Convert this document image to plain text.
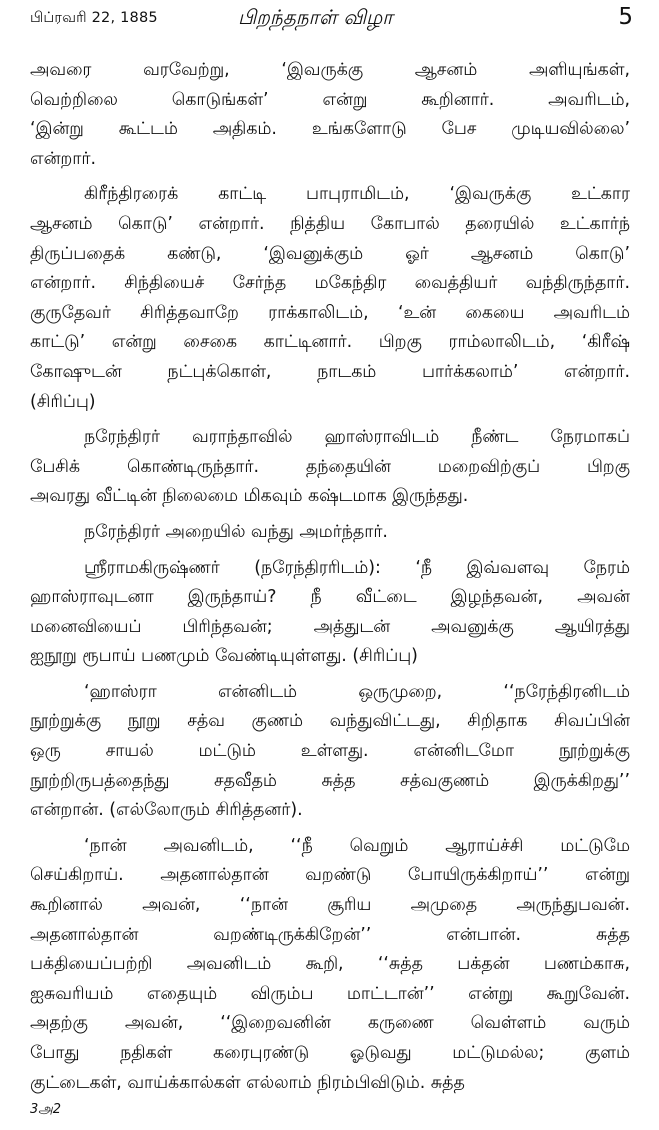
பிப்ரவரி 22, 1885	பிறந்தநாள் விழா	5
அவரை வரவேற்று, ‘இவருக்கு ஆசனம் அளியுங்கள்,
வெற்றிலை கொடுங்கள்’ என்று கூறினார். அவரிடம்,
‘இன்று கூட்டம் அதிகம். உங்களோடு பேச முடியவில்லை’
என்றார்.
கிரீந்திரரைக் காட்டி பாபுராமிடம், ‘இவருக்கு உட்கார
ஆசனம் கொடு’ என்றார். நித்திய கோபால் தரையில் உட்கார்ந்
திருப்பதைக் கண்டு, ‘இவனுக்கும் ஓர் ஆசனம் கொடு’
என்றார். சிந்தியைச் சேர்ந்த மகேந்திர வைத்தியர் வந்திருந்தார்.
குருதேவர் சிரித்தவாறே ராக்காலிடம், ‘உன் கையை அவரிடம்
காட்டு’ என்று சைகை காட்டினார். பிறகு ராம்லாலிடம், ‘கிரீஷ்
கோஷுடன் நட்புக்கொள், நாடகம் பார்க்கலாம்’ என்றார்.
(சிரிப்பு)
நரேந்திரர் வராந்தாவில் ஹாஸ்ராவிடம் நீண்ட நேரமாகப்
பேசிக் கொண்டிருந்தார். தந்தையின் மறைவிற்குப் பிறகு
அவரது வீட்டின் நிலைமை மிகவும் கஷ்டமாக இருந்தது.
நரேந்திரர் அறையில் வந்து அமர்ந்தார்.
ஸ்ரீராமகிருஷ்ணர் (நரேந்திரரிடம்): ‘நீ இவ்வளவு நேரம்
ஹாஸ்ராவுடனா இருந்தாய்? நீ வீட்டை இழந்தவன், அவன்
மனைவியைப் பிரிந்தவன்; அத்துடன் அவனுக்கு ஆயிரத்து
ஐநூறு ரூபாய் பணமும் வேண்டியுள்ளது. (சிரிப்பு)
‘ஹாஸ்ரா என்னிடம் ஒருமுறை, ‘‘நரேந்திரனிடம்
நூற்றுக்கு நூறு சத்வ குணம் வந்துவிட்டது, சிறிதாக சிவப்பின்
ஒரு சாயல் மட்டும் உள்ளது. என்னிடமோ நூற்றுக்கு
நூற்றிருபத்தைந்து சதவீதம் சுத்த சத்வகுணம் இருக்கிறது’’
என்றான். (எல்லோரும் சிரித்தனர்).
‘நான் அவனிடம், ‘‘நீ வெறும் ஆராய்ச்சி மட்டுமே
செய்கிறாய். அதனால்தான் வறண்டு போயிருக்கிறாய்’’ என்று
கூறினால் அவன், ‘‘நான் சூரிய அமுதை அருந்துபவன்.
அதனால்தான் வறண்டிருக்கிறேன்’’ என்பான். சுத்த
பக்தியைப்பற்றி அவனிடம் கூறி, ‘‘சுத்த பக்தன் பணம்காசு,
ஐசுவரியம் எதையும் விரும்ப மாட்டான்’’ என்று கூறுவேன்.
அதற்கு அவன், ‘‘இறைவனின் கருணை வெள்ளம் வரும்
போது நதிகள் கரைபுரண்டு ஓடுவது மட்டுமல்ல; குளம்
குட்டைகள், வாய்க்கால்கள் எல்லாம் நிரம்பிவிடும். சுத்த
3அ2
